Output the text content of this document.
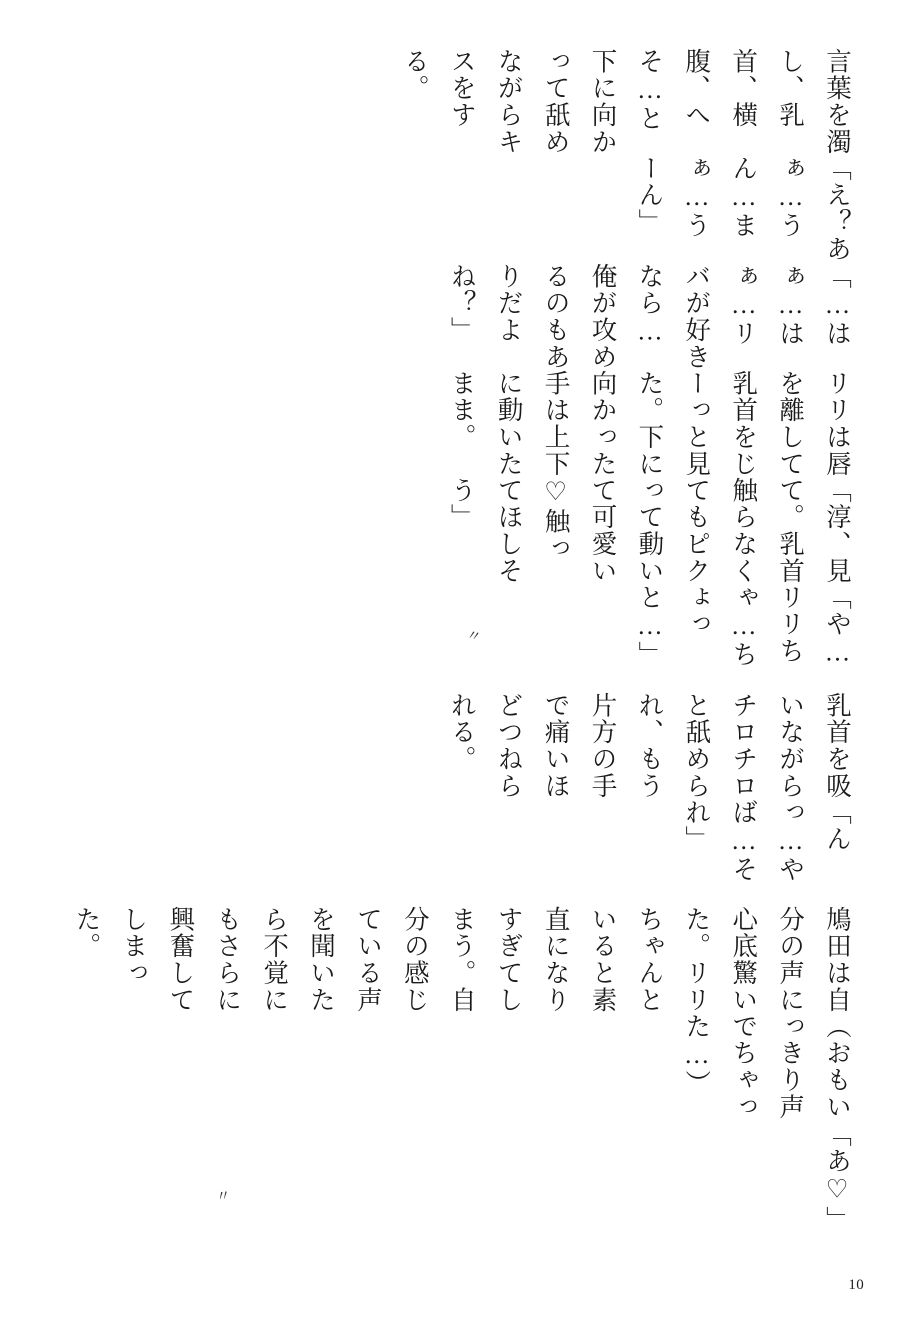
「あ♡」

（おもいっきり声でちゃった…）

鳩田は自分の声に心底驚いた。リリちゃんといると素直になりすぎてしまう。自分の感じている声を聞いたら不覚にもさらに興奮してしまった。

「んっ…やば…それ」

乳首を吸いながらチロチロと舐められ、もう片方の手で痛いほどつねられる。

「や…リリちゃ…ちょっと…」

「淳、見て。乳首触らなくてもピクって動いて可愛い♡触ってほしそう」

リリは唇を離して乳首をじーっと見た。下に向かった手は上下に動いたまま。

「…はぁ…はぁ…リバが好きなら…俺が攻めるのもありだよね？」

「え？あぁ…うん…まぁ…うーん」

言葉を濁し、乳首、横腹、へそ…と下に向かって舐めながらキスをする。

〃
〃
10
